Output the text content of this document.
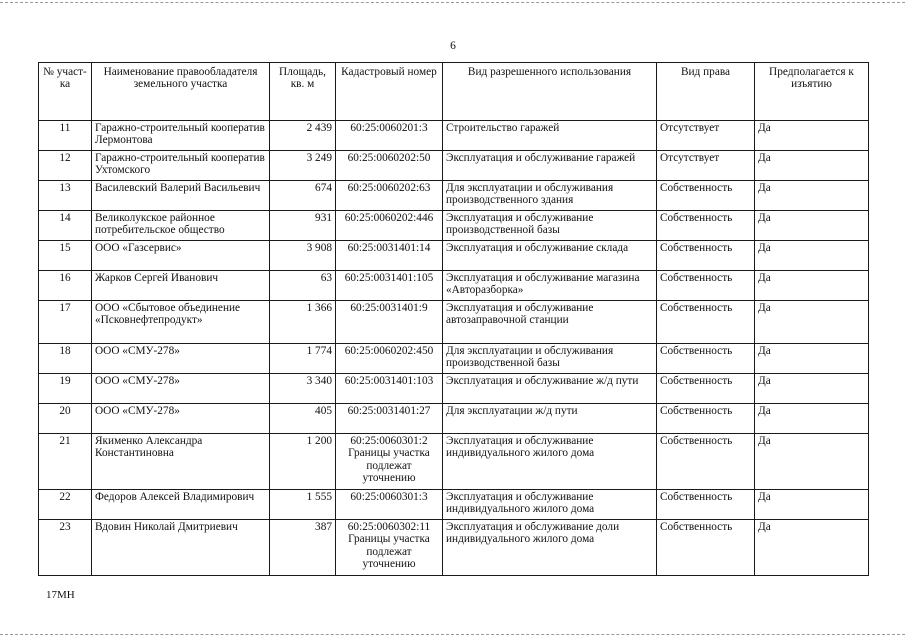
6
№ участ-ка	Наименование правообладателя земельного участка	Площадь, кв. м	Кадастровый номер	Вид разрешенного использования	Вид права	Предполагается к изъятию
11	Гаражно-строительный кооператив Лермонтова	2 439	60:25:0060201:3	Строительство гаражей	Отсутствует	Да
12	Гаражно-строительный кооператив Ухтомского	3 249	60:25:0060202:50	Эксплуатация и обслуживание гаражей	Отсутствует	Да
13	Василевский Валерий Васильевич	674	60:25:0060202:63	Для эксплуатации и обслуживания производственного здания	Собственность	Да
14	Великолукское районное потребительское общество	931	60:25:0060202:446	Эксплуатация и обслуживание производственной базы	Собственность	Да
15	ООО «Газсервис»	3 908	60:25:0031401:14	Эксплуатация и обслуживание склада	Собственность	Да
16	Жарков Сергей Иванович	63	60:25:0031401:105	Эксплуатация и обслуживание магазина «Авторазборка»	Собственность	Да
17	ООО «Сбытовое объединение «Псковнефтепродукт»	1 366	60:25:0031401:9	Эксплуатация и обслуживание автозаправочной станции	Собственность	Да
18	ООО «СМУ-278»	1 774	60:25:0060202:450	Для эксплуатации и обслуживания производственной базы	Собственность	Да
19	ООО «СМУ-278»	3 340	60:25:0031401:103	Эксплуатация и обслуживание ж/д пути	Собственность	Да
20	ООО «СМУ-278»	405	60:25:0031401:27	Для эксплуатации ж/д пути	Собственность	Да
21	Якименко Александра Константиновна	1 200	60:25:0060301:2 Границы участка подлежат уточнению	Эксплуатация и обслуживание индивидуального жилого дома	Собственность	Да
22	Федоров Алексей Владимирович	1 555	60:25:0060301:3	Эксплуатация и обслуживание индивидуального жилого дома	Собственность	Да
23	Вдовин Николай Дмитриевич	387	60:25:0060302:11 Границы участка подлежат уточнению	Эксплуатация и обслуживание доли индивидуального жилого дома	Собственность	Да
17МН
